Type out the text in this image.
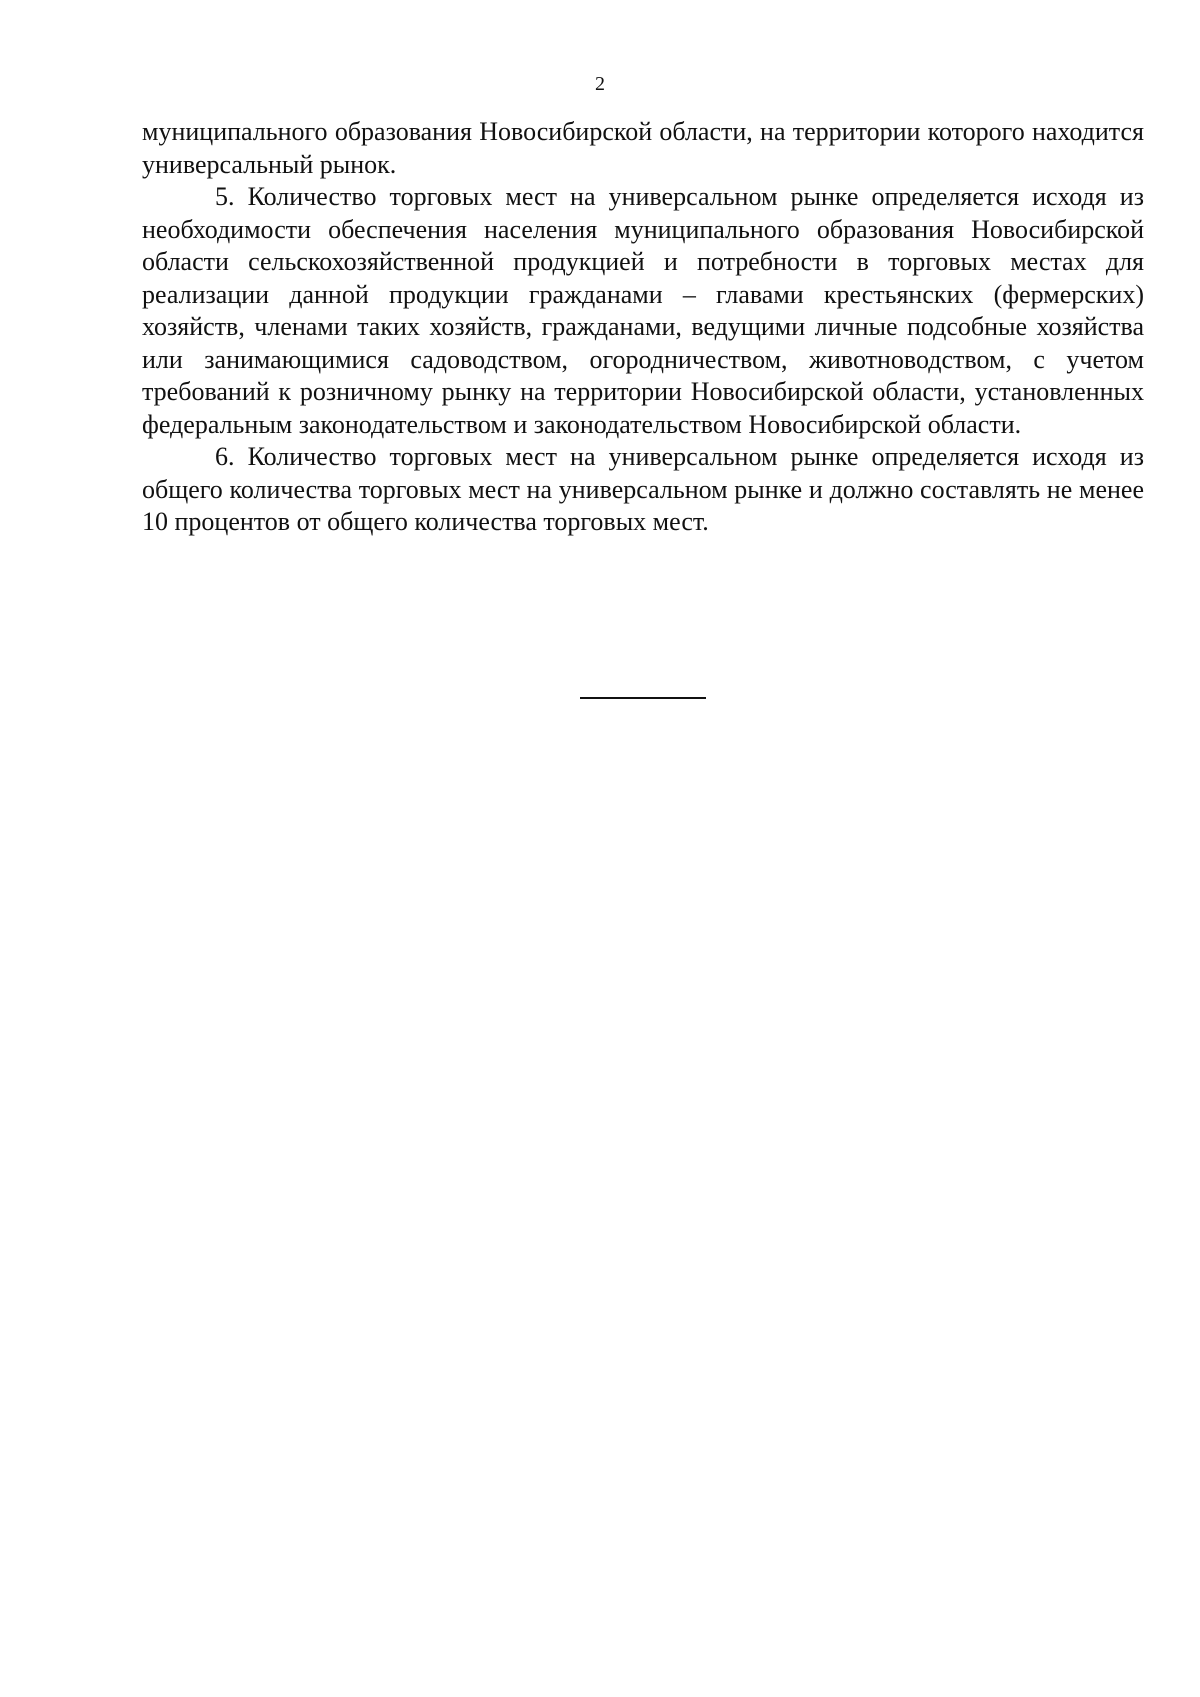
2

муниципального образования Новосибирской области, на территории которого находится универсальный рынок.

5. Количество торговых мест на универсальном рынке определяется исходя из необходимости обеспечения населения муниципального образования Новосибирской области сельскохозяйственной продукцией и потребности в торговых местах для реализации данной продукции гражданами – главами крестьянских (фермерских) хозяйств, членами таких хозяйств, гражданами, ведущими личные подсобные хозяйства или занимающимися садоводством, огородничеством, животноводством, с учетом требований к розничному рынку на территории Новосибирской области, установленных федеральным законодательством и законодательством Новосибирской области.

6. Количество торговых мест на универсальном рынке определяется исходя из общего количества торговых мест на универсальном рынке и должно составлять не менее 10 процентов от общего количества торговых мест.
